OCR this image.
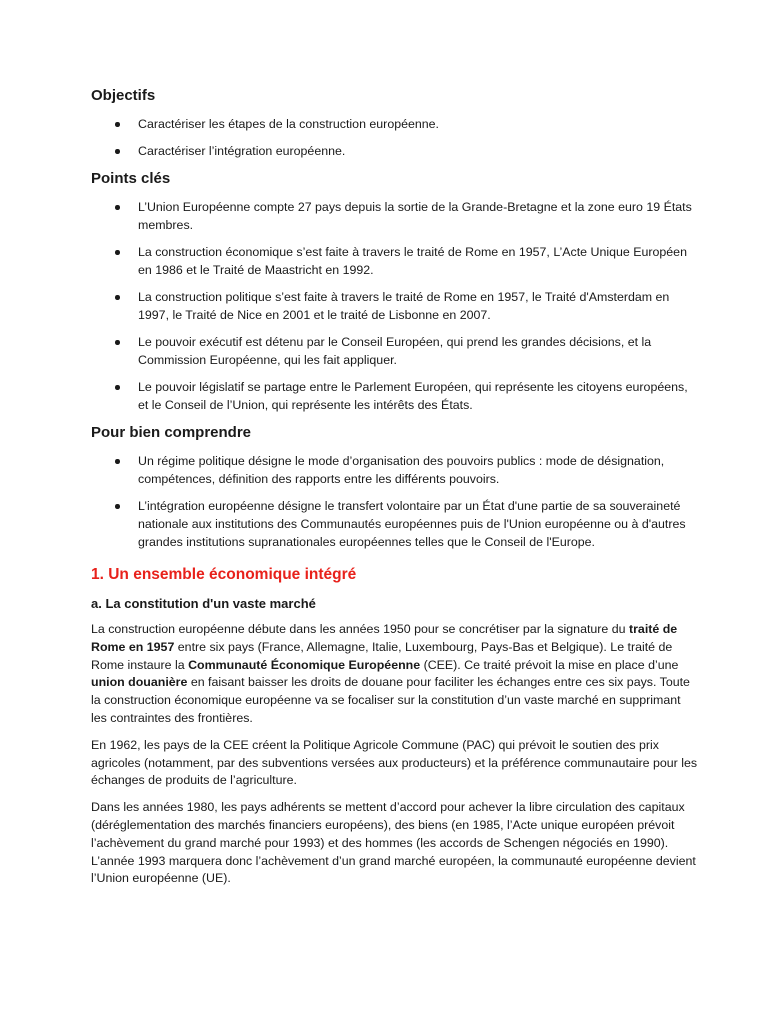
Objectifs
Caractériser les étapes de la construction européenne.
Caractériser l’intégration européenne.
Points clés
L’Union Européenne compte 27 pays depuis la sortie de la Grande-Bretagne et la zone euro 19 États membres.
La construction économique s’est faite à travers le traité de Rome en 1957, L’Acte Unique Européen en 1986 et le Traité de Maastricht en 1992.
La construction politique s’est faite à travers le traité de Rome en 1957, le Traité d'Amsterdam en 1997, le Traité de Nice en 2001 et le traité de Lisbonne en 2007.
Le pouvoir exécutif est détenu par le Conseil Européen, qui prend les grandes décisions, et la Commission Européenne, qui les fait appliquer.
Le pouvoir législatif se partage entre le Parlement Européen, qui représente les citoyens européens, et le Conseil de l’Union, qui représente les intérêts des États.
Pour bien comprendre
Un régime politique désigne le mode d’organisation des pouvoirs publics : mode de désignation, compétences, définition des rapports entre les différents pouvoirs.
L’intégration européenne désigne le transfert volontaire par un État d'une partie de sa souveraineté nationale aux institutions des Communautés européennes puis de l'Union européenne ou à d'autres grandes institutions supranationales européennes telles que le Conseil de l'Europe.
1. Un ensemble économique intégré
a. La constitution d'un vaste marché

La construction européenne débute dans les années 1950 pour se concrétiser par la signature du traité de Rome en 1957 entre six pays (France, Allemagne, Italie, Luxembourg, Pays-Bas et Belgique). Le traité de Rome instaure la Communauté Économique Européenne (CEE). Ce traité prévoit la mise en place d’une union douanière en faisant baisser les droits de douane pour faciliter les échanges entre ces six pays. Toute la construction économique européenne va se focaliser sur la constitution d’un vaste marché en supprimant les contraintes des frontières.

En 1962, les pays de la CEE créent la Politique Agricole Commune (PAC) qui prévoit le soutien des prix agricoles (notamment, par des subventions versées aux producteurs) et la préférence communautaire pour les échanges de produits de l’agriculture.

Dans les années 1980, les pays adhérents se mettent d’accord pour achever la libre circulation des capitaux (déréglementation des marchés financiers européens), des biens (en 1985, l’Acte unique européen prévoit l’achèvement du grand marché pour 1993) et des hommes (les accords de Schengen négociés en 1990). L’année 1993 marquera donc l’achèvement d’un grand marché européen, la communauté européenne devient l’Union européenne (UE).
